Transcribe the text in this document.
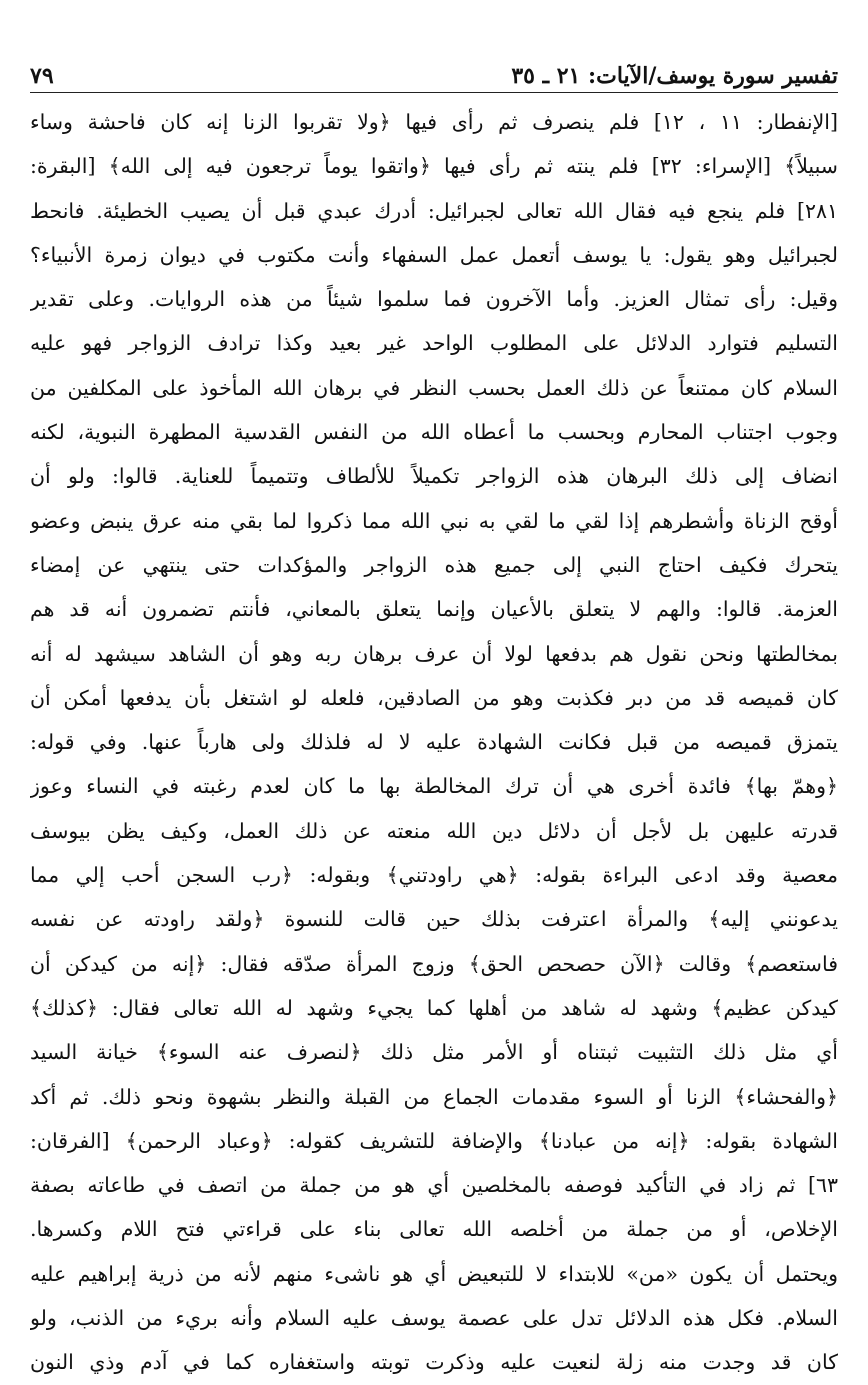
تفسير سورة يوسف/الآيات: ٢١ ـ ٣٥
٧٩
[الإنفطار: ١١ ، ١٢] فلم ينصرف ثم رأى فيها ﴿ولا تقربوا الزنا إنه كان فاحشة وساء
سبيلاً﴾ [الإسراء: ٣٢] فلم ينته ثم رأى فيها ﴿واتقوا يوماً ترجعون فيه إلى الله﴾ [البقرة:
٢٨١] فلم ينجع فيه فقال الله تعالى لجبرائيل: أدرك عبدي قبل أن يصيب الخطيئة. فانحط
لجبرائيل وهو يقول: يا يوسف أتعمل عمل السفهاء وأنت مكتوب في ديوان زمرة الأنبياء؟
وقيل: رأى تمثال العزيز. وأما الآخرون فما سلموا شيئاً من هذه الروايات. وعلى تقدير
التسليم فتوارد الدلائل على المطلوب الواحد غير بعيد وكذا ترادف الزواجر فهو عليه
السلام كان ممتنعاً عن ذلك العمل بحسب النظر في برهان الله المأخوذ على المكلفين من
وجوب اجتناب المحارم وبحسب ما أعطاه الله من النفس القدسية المطهرة النبوية، لكنه
انضاف إلى ذلك البرهان هذه الزواجر تكميلاً للألطاف وتتميماً للعناية. قالوا: ولو أن
أوقح الزناة وأشطرهم إذا لقي ما لقي به نبي الله مما ذكروا لما بقي منه عرق ينبض وعضو
يتحرك فكيف احتاج النبي إلى جميع هذه الزواجر والمؤكدات حتى ينتهي عن إمضاء
العزمة. قالوا: والهم لا يتعلق بالأعيان وإنما يتعلق بالمعاني، فأنتم تضمرون أنه قد هم
بمخالطتها ونحن نقول هم بدفعها لولا أن عرف برهان ربه وهو أن الشاهد سيشهد له أنه
كان قميصه قد من دبر فكذبت وهو من الصادقين، فلعله لو اشتغل بأن يدفعها أمكن أن
يتمزق قميصه من قبل فكانت الشهادة عليه لا له فلذلك ولى هارباً عنها. وفي قوله:
﴿وهمّ بها﴾ فائدة أخرى هي أن ترك المخالطة بها ما كان لعدم رغبته في النساء وعوز
قدرته عليهن بل لأجل أن دلائل دين الله منعته عن ذلك العمل، وكيف يظن بيوسف
معصية وقد ادعى البراءة بقوله: ﴿هي راودتني﴾ وبقوله: ﴿رب السجن أحب إلي مما
يدعونني إليه﴾ والمرأة اعترفت بذلك حين قالت للنسوة ﴿ولقد راودته عن نفسه
فاستعصم﴾ وقالت ﴿الآن حصحص الحق﴾ وزوج المرأة صدّقه فقال: ﴿إنه من كيدكن أن
كيدكن عظيم﴾ وشهد له شاهد من أهلها كما يجيء وشهد له الله تعالى فقال: ﴿كذلك﴾
أي مثل ذلك التثبيت ثبتناه أو الأمر مثل ذلك ﴿لنصرف عنه السوء﴾ خيانة السيد
﴿والفحشاء﴾ الزنا أو السوء مقدمات الجماع من القبلة والنظر بشهوة ونحو ذلك. ثم أكد
الشهادة بقوله: ﴿إنه من عبادنا﴾ والإضافة للتشريف كقوله: ﴿وعباد الرحمن﴾ [الفرقان:
٦٣] ثم زاد في التأكيد فوصفه بالمخلصين أي هو من جملة من اتصف في طاعاته بصفة
الإخلاص، أو من جملة من أخلصه الله تعالى بناء على قراءتي فتح اللام وكسرها.
ويحتمل أن يكون «من» للابتداء لا للتبعيض أي هو ناشىء منهم لأنه من ذرية إبراهيم عليه
السلام. فكل هذه الدلائل تدل على عصمة يوسف عليه السلام وأنه بريء من الذنب، ولو
كان قد وجدت منه زلة لنعيت عليه وذكرت توبته واستغفاره كما في آدم وذي النون
